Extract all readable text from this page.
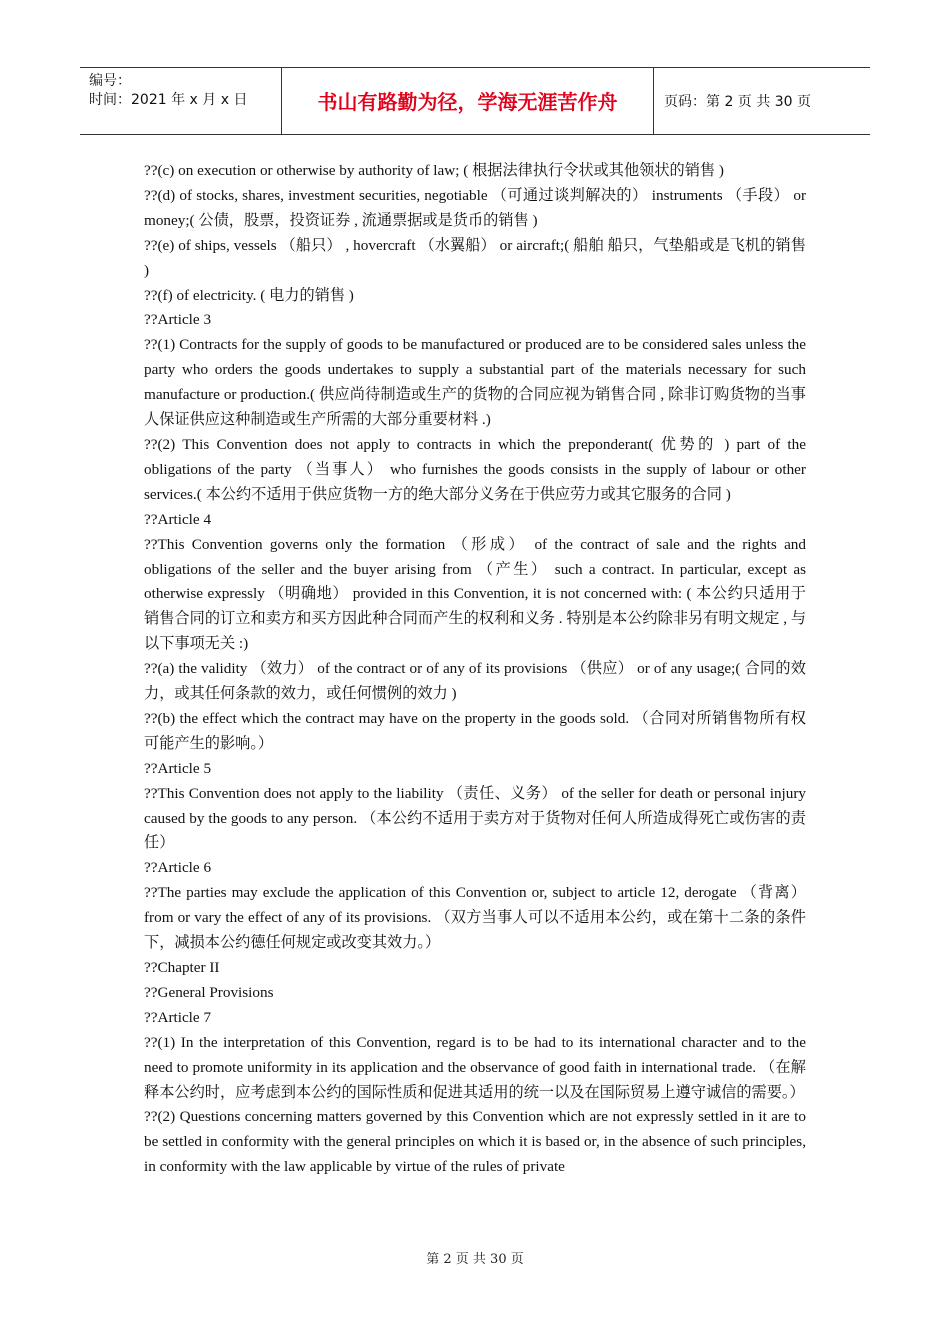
编号：
时间：2021 年 x 月 x 日	书山有路勤为径，学海无涯苦作舟	页码：第 2 页 共 30 页

??(c) on execution or otherwise by authority of law; ( 根据法律执行令状或其他领状的销售 )

??(d) of stocks, shares, investment securities, negotiable （可通过谈判解决的） instruments （手段） or money;( 公债，股票，投资证券 , 流通票据或是货币的销售 )

??(e) of ships, vessels （船只） , hovercraft （水翼船） or aircraft;( 船舶 船只，气垫船或是飞机的销售 )

??(f) of electricity. ( 电力的销售 )

??Article 3

??(1) Contracts for the supply of goods to be manufactured or produced are to be considered sales unless the party who orders the goods undertakes to supply a substantial part of the materials necessary for such manufacture or production.( 供应尚待制造或生产的货物的合同应视为销售合同 , 除非订购货物的当事人保证供应这种制造或生产所需的大部分重要材料 .)

??(2) This Convention does not apply to contracts in which the preponderant( 优势的 ) part of the obligations of the party （当事人） who furnishes the goods consists in the supply of labour or other services.( 本公约不适用于供应货物一方的绝大部分义务在于供应劳力或其它服务的合同 )

??Article 4

??This Convention governs only the formation （形成） of the contract of sale and the rights and obligations of the seller and the buyer arising from （产生） such a contract. In particular, except as otherwise expressly （明确地） provided in this Convention, it is not concerned with: ( 本公约只适用于销售合同的订立和卖方和买方因此种合同而产生的权利和义务 . 特别是本公约除非另有明文规定 , 与以下事项无关 :)

??(a) the validity （效力） of the contract or of any of its provisions （供应） or of any usage;( 合同的效力，或其任何条款的效力，或任何惯例的效力 )

??(b) the effect which the contract may have on the property in the goods sold. （合同对所销售物所有权可能产生的影响。）

??Article 5

??This Convention does not apply to the liability （责任、义务） of the seller for death or personal injury caused by the goods to any person. （本公约不适用于卖方对于货物对任何人所造成得死亡或伤害的责任）

??Article 6

??The parties may exclude the application of this Convention or, subject to article 12, derogate （背离） from or vary the effect of any of its provisions. （双方当事人可以不适用本公约，或在第十二条的条件下，减损本公约德任何规定或改变其效力。）

??Chapter II

??General Provisions

??Article 7

??(1) In the interpretation of this Convention, regard is to be had to its international character and to the need to promote uniformity in its application and the observance of good faith in international trade. （在解释本公约时，应考虑到本公约的国际性质和促进其适用的统一以及在国际贸易上遵守诚信的需要。）

??(2) Questions concerning matters governed by this Convention which are not expressly settled in it are to be settled in conformity with the general principles on which it is based or, in the absence of such principles, in conformity with the law applicable by virtue of the rules of private

第 2 页 共 30 页
